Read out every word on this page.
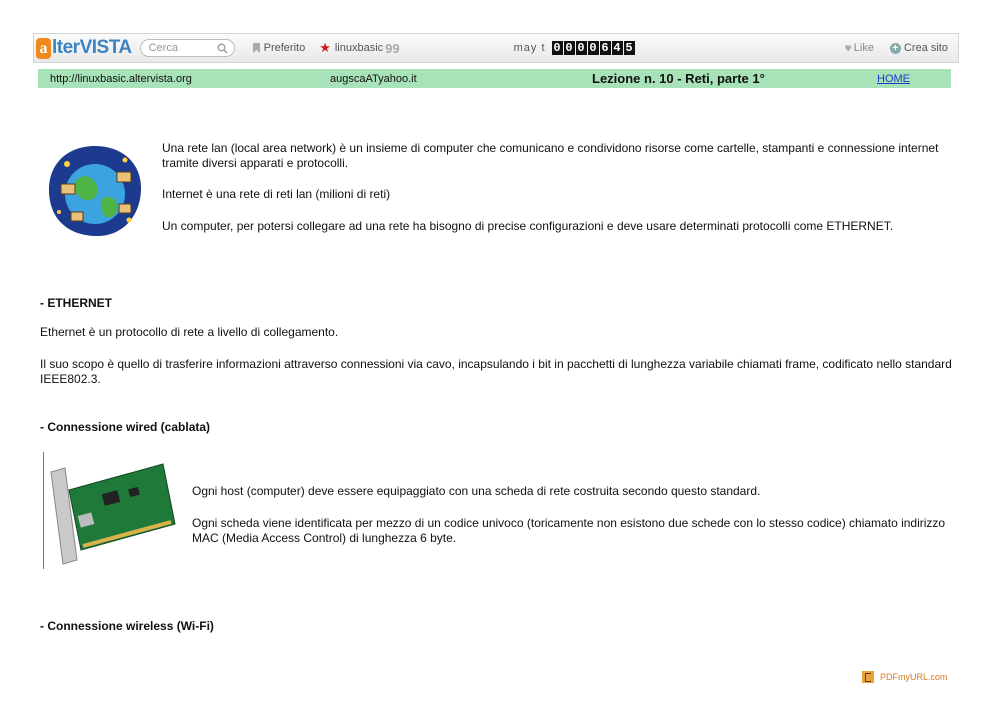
a lterVISTA Cerca	Preferito ★ linuxbasic 99	may t 0 0 0 0 6 4 5	♥ Like + Crea sito
http://linuxbasic.altervista.org	augscaATyahoo.it	Lezione n. 10 - Reti, parte 1°	HOME

Una rete lan (local area network) è un insieme di computer che comunicano e condividono risorse come cartelle, stampanti e connessione internet tramite diversi apparati e protocolli.

Internet è una rete di reti lan (milioni di reti)

Un computer, per potersi collegare ad una rete ha bisogno di precise configurazioni e deve usare determinati protocolli come ETHERNET.

- ETHERNET

Ethernet è un protocollo di rete a livello di collegamento.

Il suo scopo è quello di trasferire informazioni attraverso connessioni via cavo, incapsulando i bit in pacchetti di lunghezza variabile chiamati frame, codificato nello standard IEEE802.3.

- Connessione wired (cablata)

Ogni host (computer) deve essere equipaggiato con una scheda di rete costruita secondo questo standard.

Ogni scheda viene identificata per mezzo di un codice univoco (toricamente non esistono due schede con lo stesso codice) chiamato indirizzo MAC (Media Access Control) di lunghezza 6 byte.

- Connessione wireless (Wi-Fi)

PDFmyURL.com
